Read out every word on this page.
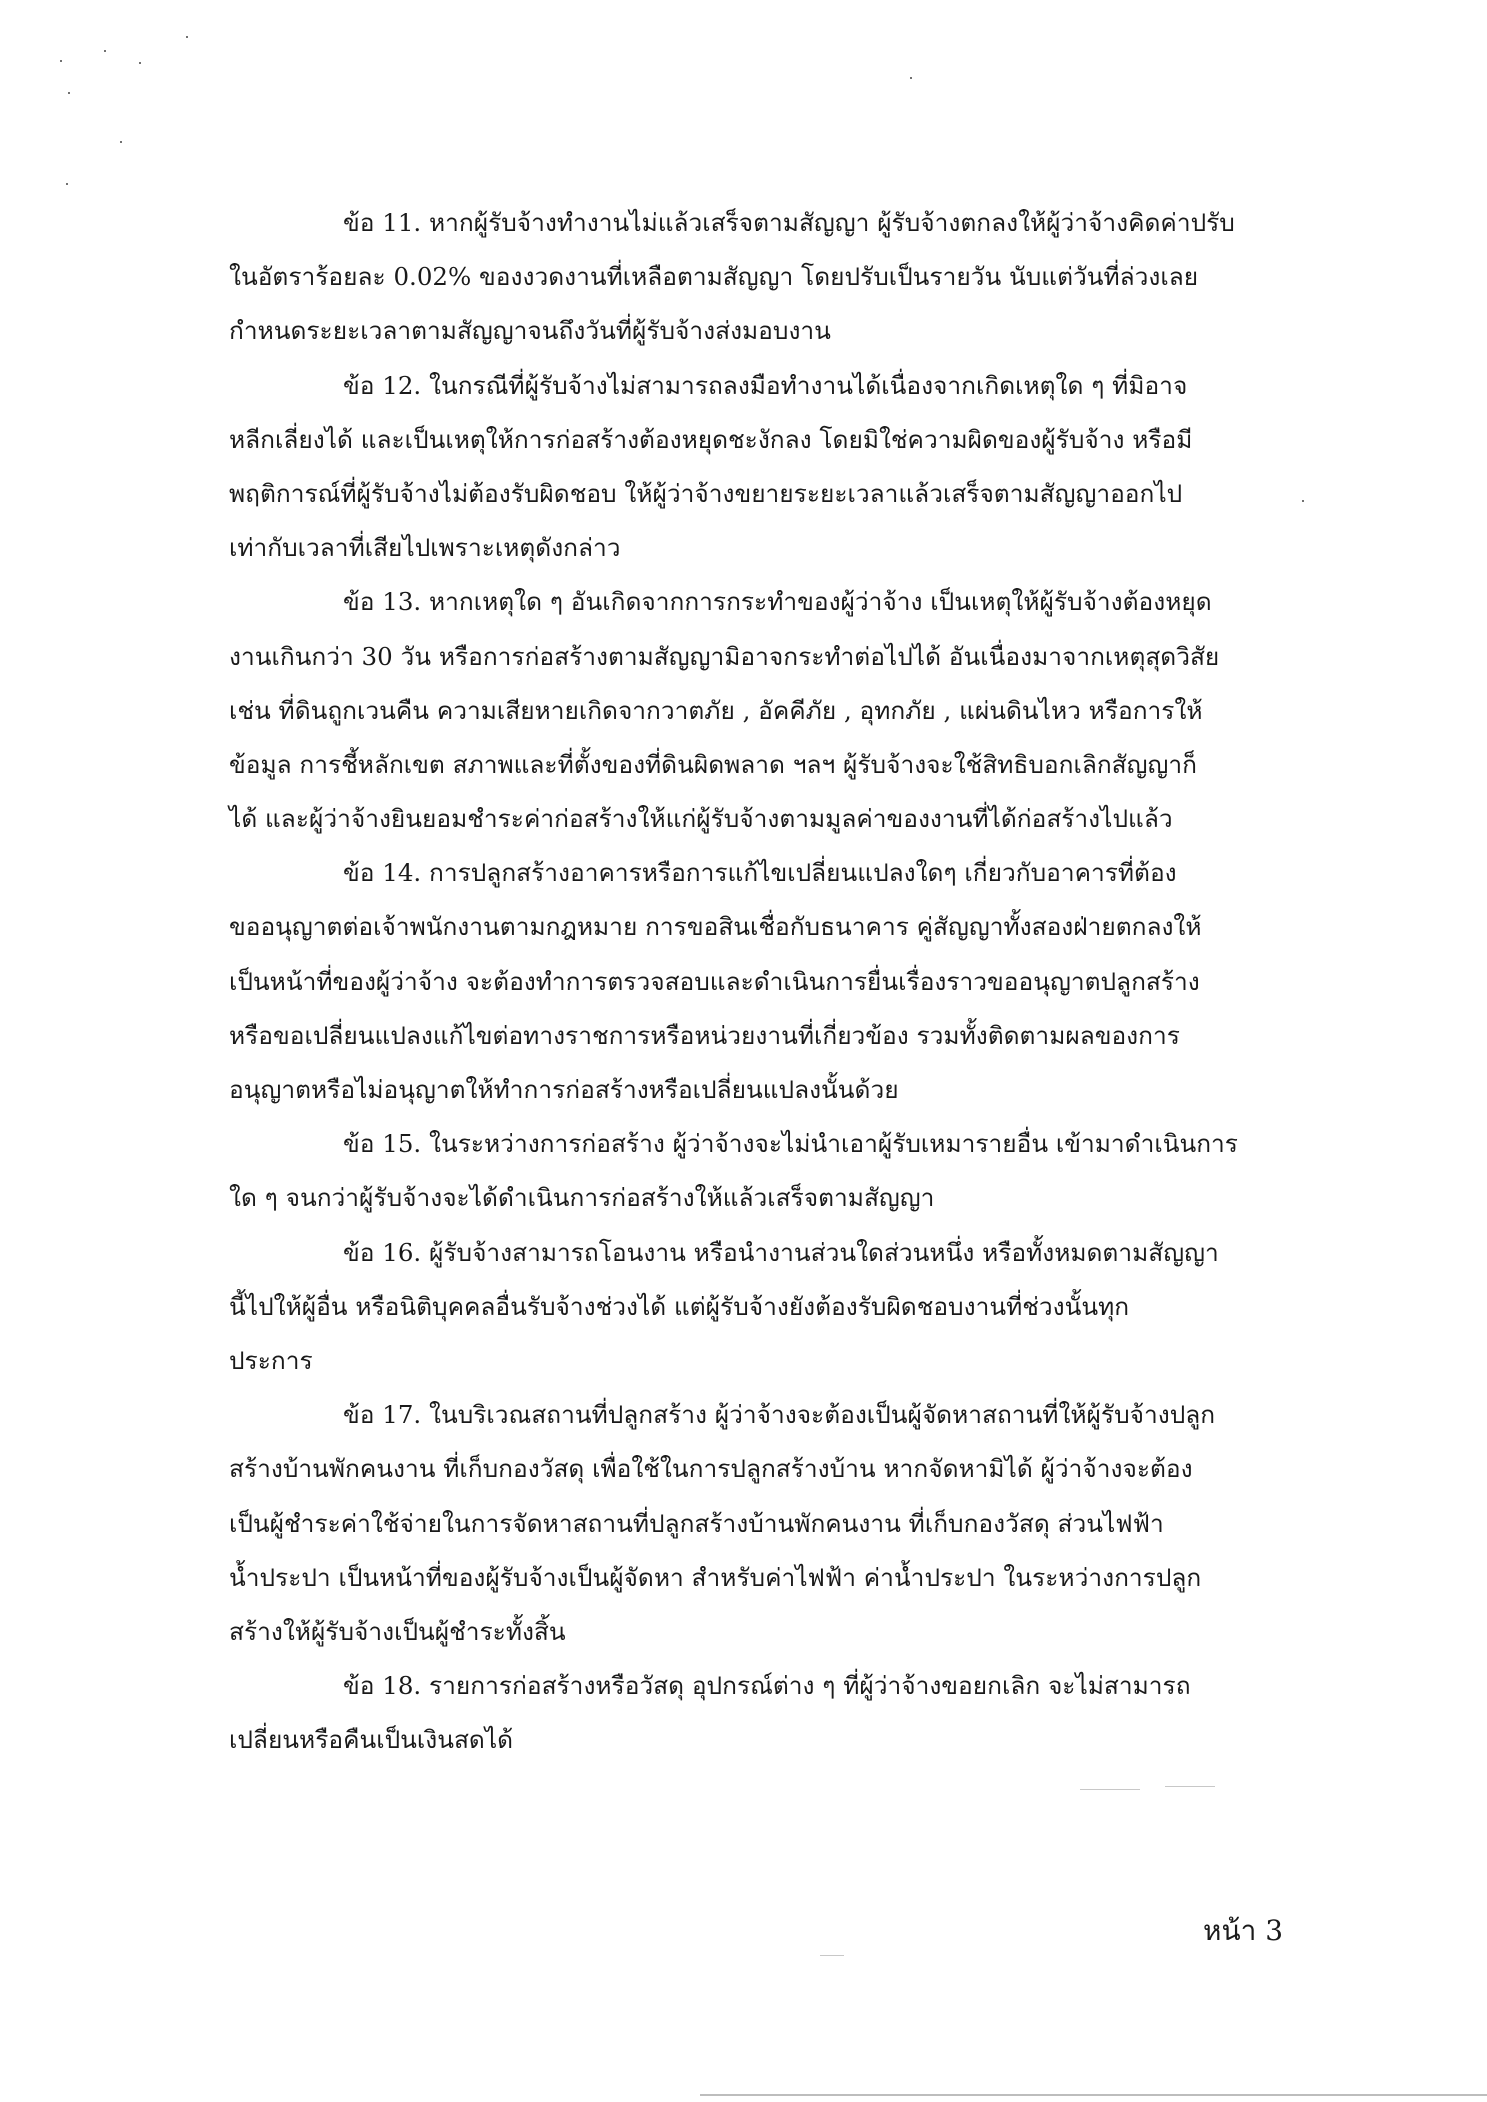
ข้อ 11. หากผู้รับจ้างทำงานไม่แล้วเสร็จตามสัญญา ผู้รับจ้างตกลงให้ผู้ว่าจ้างคิดค่าปรับ
ในอัตราร้อยละ 0.02% ของงวดงานที่เหลือตามสัญญา โดยปรับเป็นรายวัน นับแต่วันที่ล่วงเลย
กำหนดระยะเวลาตามสัญญาจนถึงวันที่ผู้รับจ้างส่งมอบงาน

ข้อ 12. ในกรณีที่ผู้รับจ้างไม่สามารถลงมือทำงานได้เนื่องจากเกิดเหตุใด ๆ ที่มิอาจ
หลีกเลี่ยงได้ และเป็นเหตุให้การก่อสร้างต้องหยุดชะงักลง โดยมิใช่ความผิดของผู้รับจ้าง หรือมี
พฤติการณ์ที่ผู้รับจ้างไม่ต้องรับผิดชอบ ให้ผู้ว่าจ้างขยายระยะเวลาแล้วเสร็จตามสัญญาออกไป
เท่ากับเวลาที่เสียไปเพราะเหตุดังกล่าว

ข้อ 13. หากเหตุใด ๆ อันเกิดจากการกระทำของผู้ว่าจ้าง เป็นเหตุให้ผู้รับจ้างต้องหยุด
งานเกินกว่า 30 วัน หรือการก่อสร้างตามสัญญามิอาจกระทำต่อไปได้ อันเนื่องมาจากเหตุสุดวิสัย
เช่น ที่ดินถูกเวนคืน ความเสียหายเกิดจากวาตภัย , อัคคีภัย , อุทกภัย , แผ่นดินไหว หรือการให้
ข้อมูล การชี้หลักเขต สภาพและที่ตั้งของที่ดินผิดพลาด ฯลฯ ผู้รับจ้างจะใช้สิทธิบอกเลิกสัญญาก็
ได้ และผู้ว่าจ้างยินยอมชำระค่าก่อสร้างให้แก่ผู้รับจ้างตามมูลค่าของงานที่ได้ก่อสร้างไปแล้ว

ข้อ 14. การปลูกสร้างอาคารหรือการแก้ไขเปลี่ยนแปลงใดๆ เกี่ยวกับอาคารที่ต้อง
ขออนุญาตต่อเจ้าพนักงานตามกฎหมาย การขอสินเชื่อกับธนาคาร คู่สัญญาทั้งสองฝ่ายตกลงให้
เป็นหน้าที่ของผู้ว่าจ้าง จะต้องทำการตรวจสอบและดำเนินการยื่นเรื่องราวขออนุญาตปลูกสร้าง
หรือขอเปลี่ยนแปลงแก้ไขต่อทางราชการหรือหน่วยงานที่เกี่ยวข้อง รวมทั้งติดตามผลของการ
อนุญาตหรือไม่อนุญาตให้ทำการก่อสร้างหรือเปลี่ยนแปลงนั้นด้วย

ข้อ 15. ในระหว่างการก่อสร้าง ผู้ว่าจ้างจะไม่นำเอาผู้รับเหมารายอื่น เข้ามาดำเนินการ
ใด ๆ จนกว่าผู้รับจ้างจะได้ดำเนินการก่อสร้างให้แล้วเสร็จตามสัญญา

ข้อ 16. ผู้รับจ้างสามารถโอนงาน หรือนำงานส่วนใดส่วนหนึ่ง หรือทั้งหมดตามสัญญา
นี้ไปให้ผู้อื่น หรือนิติบุคคลอื่นรับจ้างช่วงได้ แต่ผู้รับจ้างยังต้องรับผิดชอบงานที่ช่วงนั้นทุก
ประการ

ข้อ 17. ในบริเวณสถานที่ปลูกสร้าง ผู้ว่าจ้างจะต้องเป็นผู้จัดหาสถานที่ให้ผู้รับจ้างปลูก
สร้างบ้านพักคนงาน ที่เก็บกองวัสดุ เพื่อใช้ในการปลูกสร้างบ้าน หากจัดหามิได้ ผู้ว่าจ้างจะต้อง
เป็นผู้ชำระค่าใช้จ่ายในการจัดหาสถานที่ปลูกสร้างบ้านพักคนงาน ที่เก็บกองวัสดุ ส่วนไฟฟ้า
น้ำประปา เป็นหน้าที่ของผู้รับจ้างเป็นผู้จัดหา สำหรับค่าไฟฟ้า ค่าน้ำประปา ในระหว่างการปลูก
สร้างให้ผู้รับจ้างเป็นผู้ชำระทั้งสิ้น

ข้อ 18. รายการก่อสร้างหรือวัสดุ อุปกรณ์ต่าง ๆ ที่ผู้ว่าจ้างขอยกเลิก จะไม่สามารถ
เปลี่ยนหรือคืนเป็นเงินสดได้

หน้า 3
